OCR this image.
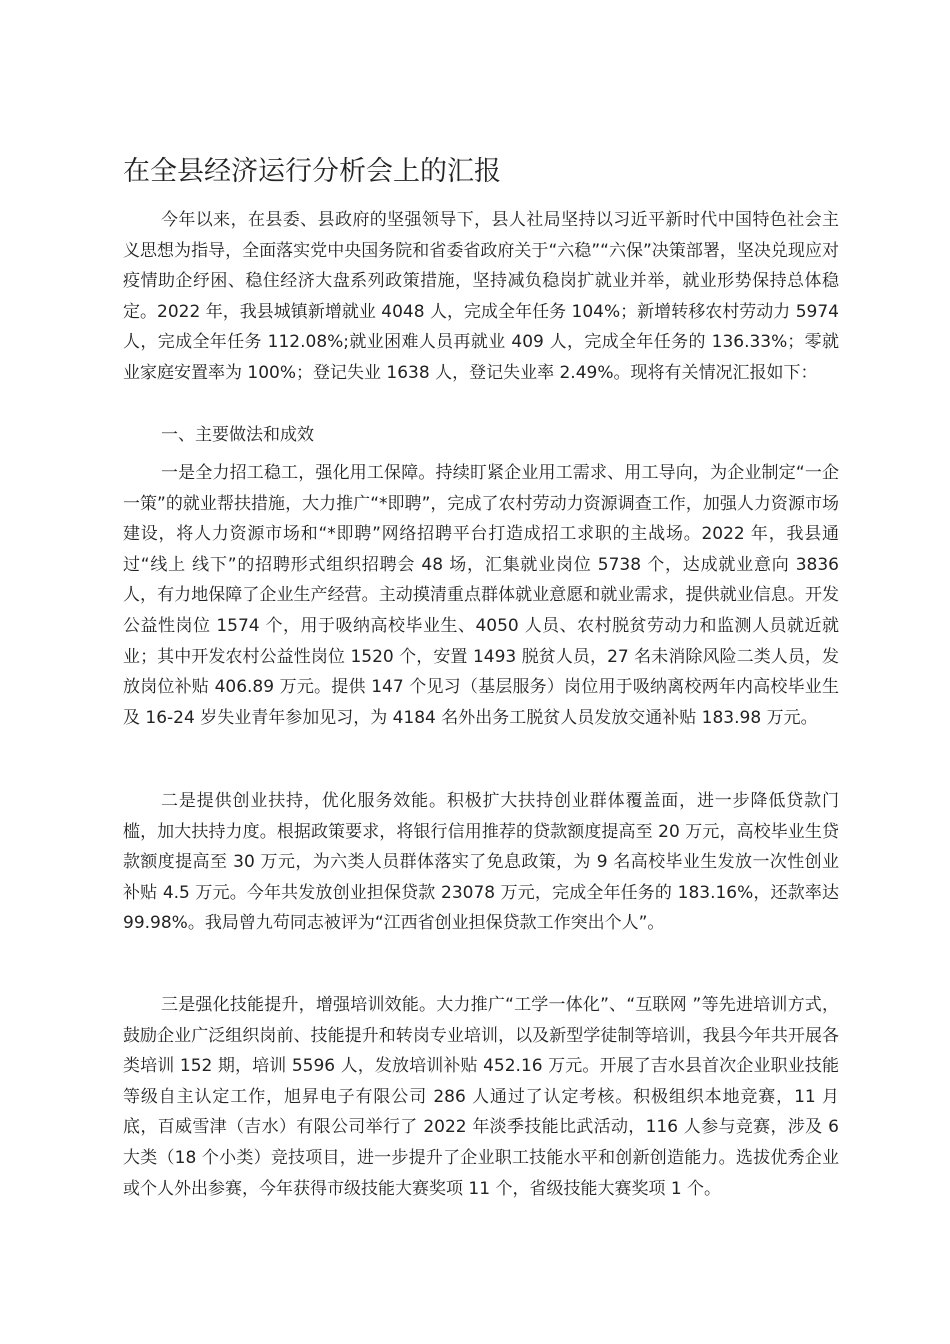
在全县经济运行分析会上的汇报

今年以来，在县委、县政府的坚强领导下，县人社局坚持以习近平新时代中国特色社会主义思想为指导，全面落实党中央国务院和省委省政府关于“六稳”“六保”决策部署，坚决兑现应对疫情助企纾困、稳住经济大盘系列政策措施，坚持减负稳岗扩就业并举，就业形势保持总体稳定。2022 年，我县城镇新增就业 4048 人，完成全年任务 104%；新增转移农村劳动力 5974 人，完成全年任务 112.08%;就业困难人员再就业 409 人，完成全年任务的 136.33%；零就业家庭安置率为 100%；登记失业 1638 人，登记失业率 2.49%。现将有关情况汇报如下：

一、主要做法和成效

一是全力招工稳工，强化用工保障。持续盯紧企业用工需求、用工导向，为企业制定“一企一策”的就业帮扶措施，大力推广“*即聘”，完成了农村劳动力资源调查工作，加强人力资源市场建设，将人力资源市场和“*即聘”网络招聘平台打造成招工求职的主战场。2022 年，我县通过“线上 线下”的招聘形式组织招聘会 48 场，汇集就业岗位 5738 个，达成就业意向 3836 人，有力地保障了企业生产经营。主动摸清重点群体就业意愿和就业需求，提供就业信息。开发公益性岗位 1574 个，用于吸纳高校毕业生、4050 人员、农村脱贫劳动力和监测人员就近就业；其中开发农村公益性岗位 1520 个，安置 1493 脱贫人员，27 名未消除风险二类人员，发放岗位补贴 406.89 万元。提供 147 个见习（基层服务）岗位用于吸纳离校两年内高校毕业生及 16-24 岁失业青年参加见习，为 4184 名外出务工脱贫人员发放交通补贴 183.98 万元。

二是提供创业扶持，优化服务效能。积极扩大扶持创业群体覆盖面，进一步降低贷款门槛，加大扶持力度。根据政策要求，将银行信用推荐的贷款额度提高至 20 万元，高校毕业生贷款额度提高至 30 万元，为六类人员群体落实了免息政策，为 9 名高校毕业生发放一次性创业补贴 4.5 万元。今年共发放创业担保贷款 23078 万元，完成全年任务的 183.16%，还款率达 99.98%。我局曾九苟同志被评为“江西省创业担保贷款工作突出个人”。

三是强化技能提升，增强培训效能。大力推广“工学一体化”、“互联网 ”等先进培训方式，鼓励企业广泛组织岗前、技能提升和转岗专业培训，以及新型学徒制等培训，我县今年共开展各类培训 152 期，培训 5596 人，发放培训补贴 452.16 万元。开展了吉水县首次企业职业技能等级自主认定工作，旭昇电子有限公司 286 人通过了认定考核。积极组织本地竞赛，11 月底，百威雪津（吉水）有限公司举行了 2022 年淡季技能比武活动，116 人参与竞赛，涉及 6 大类（18 个小类）竞技项目，进一步提升了企业职工技能水平和创新创造能力。选拔优秀企业或个人外出参赛，今年获得市级技能大赛奖项 11 个，省级技能大赛奖项 1 个。
